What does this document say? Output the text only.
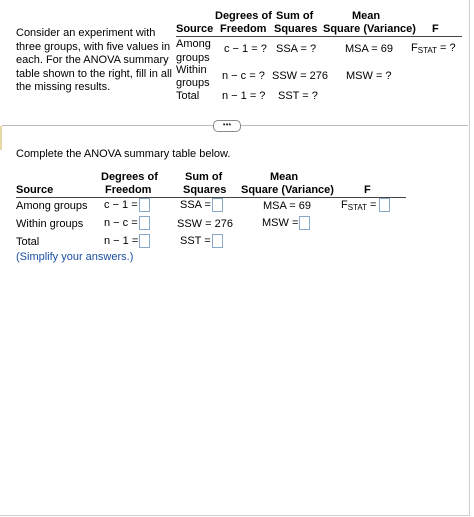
Consider an experiment with three groups, with five values in each. For the ANOVA summary table shown to the right, fill in all the missing results.
Degrees of Sum of	Mean
Source Freedom Squares Square (Variance) F
Among
groups
c − 1 = ? SSA = ?	MSA = 69 $F_{STAT}$ = ?
Within
groups
n − c = ? SSW = 276 MSW = ?
Total n − 1 = ? SST = ?
•••
Complete the ANOVA summary table below.
Degrees of Sum of	Mean
Source	Freedom	Squares Square (Variance)	F
Among groups c − 1 =	SSA =	MSA = 69	$F_{STAT}$ =
Within groups n − c =	SSW = 276	MSW =
Total	n − 1 =	SST =
(Simplify your answers.)
